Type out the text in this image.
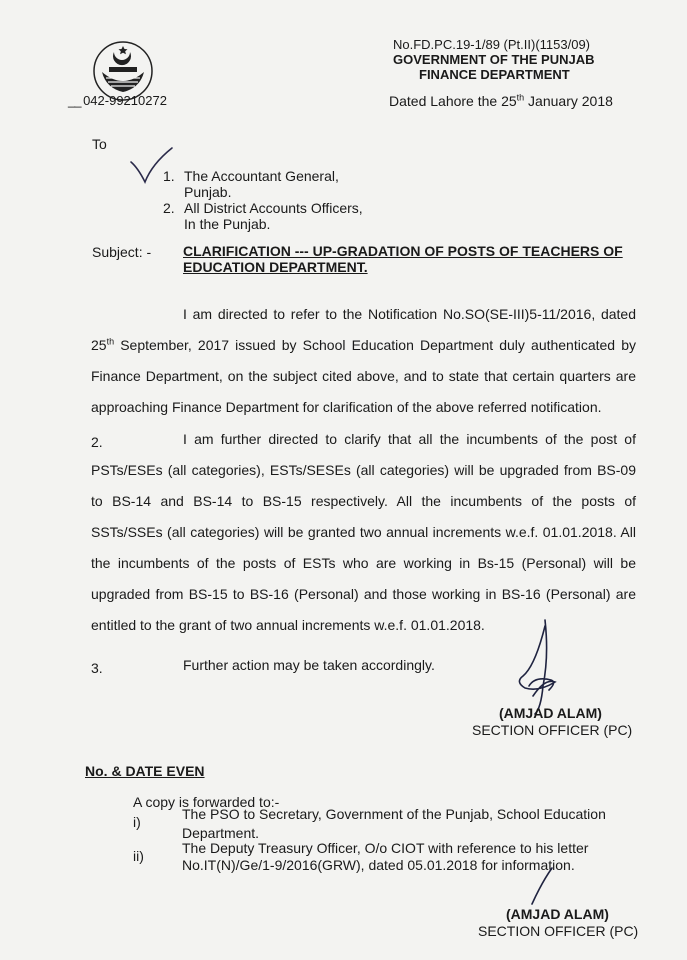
No.FD.PC.19-1/89 (Pt.II)(1153/09)
GOVERNMENT OF THE PUNJAB
FINANCE DEPARTMENT
__ 042-99210272	Dated Lahore the 25th January 2018
To
1. The Accountant General,
Punjab.
2. All District Accounts Officers,
In the Punjab.
Subject: - CLARIFICATION --- UP-GRADATION OF POSTS OF TEACHERS OF
EDUCATION DEPARTMENT.

I am directed to refer to the Notification No.SO(SE-III)5-11/2016, dated 25th September, 2017 issued by School Education Department duly authenticated by Finance Department, on the subject cited above, and to state that certain quarters are approaching Finance Department for clarification of the above referred notification.

2.	I am further directed to clarify that all the incumbents of the post of PSTs/ESEs (all categories), ESTs/SESEs (all categories) will be upgraded from BS-09 to BS-14 and BS-14 to BS-15 respectively. All the incumbents of the posts of SSTs/SSEs (all categories) will be granted two annual increments w.e.f. 01.01.2018. All the incumbents of the posts of ESTs who are working in Bs-15 (Personal) will be upgraded from BS-15 to BS-16 (Personal) and those working in BS-16 (Personal) are entitled to the grant of two annual increments w.e.f. 01.01.2018.

3.	Further action may be taken accordingly.
(AMJAD ALAM)
SECTION OFFICER (PC)
No. & DATE EVEN
A copy is forwarded to:-
i)	The PSO to Secretary, Government of the Punjab, School Education
Department.
ii)	The Deputy Treasury Officer, O/o CIOT with reference to his letter
No.IT(N)/Ge/1-9/2016(GRW), dated 05.01.2018 for information.
(AMJAD ALAM)
SECTION OFFICER (PC)
